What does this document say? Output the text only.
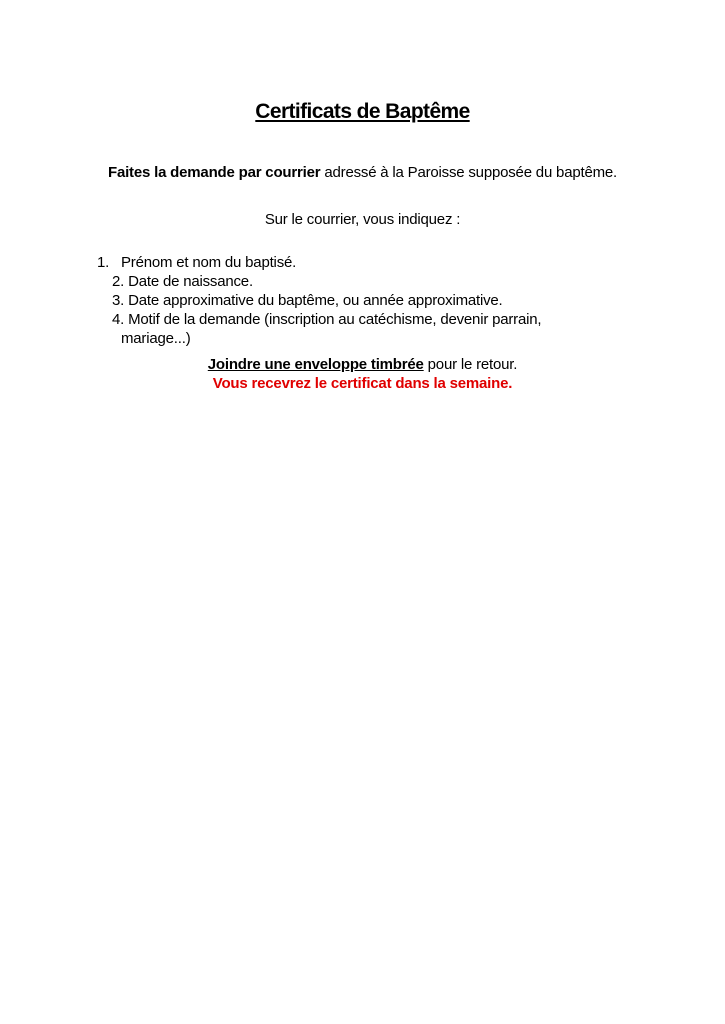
Certificats de Baptême
Faites la demande par courrier adressé à la Paroisse supposée du baptême.
Sur le courrier, vous indiquez :
1. Prénom et nom du baptisé.
2. Date de naissance.
3. Date approximative du baptême, ou année approximative.
4. Motif de la demande (inscription au catéchisme, devenir parrain,
mariage...)
Joindre une enveloppe timbrée pour le retour.
Vous recevrez le certificat dans la semaine.
